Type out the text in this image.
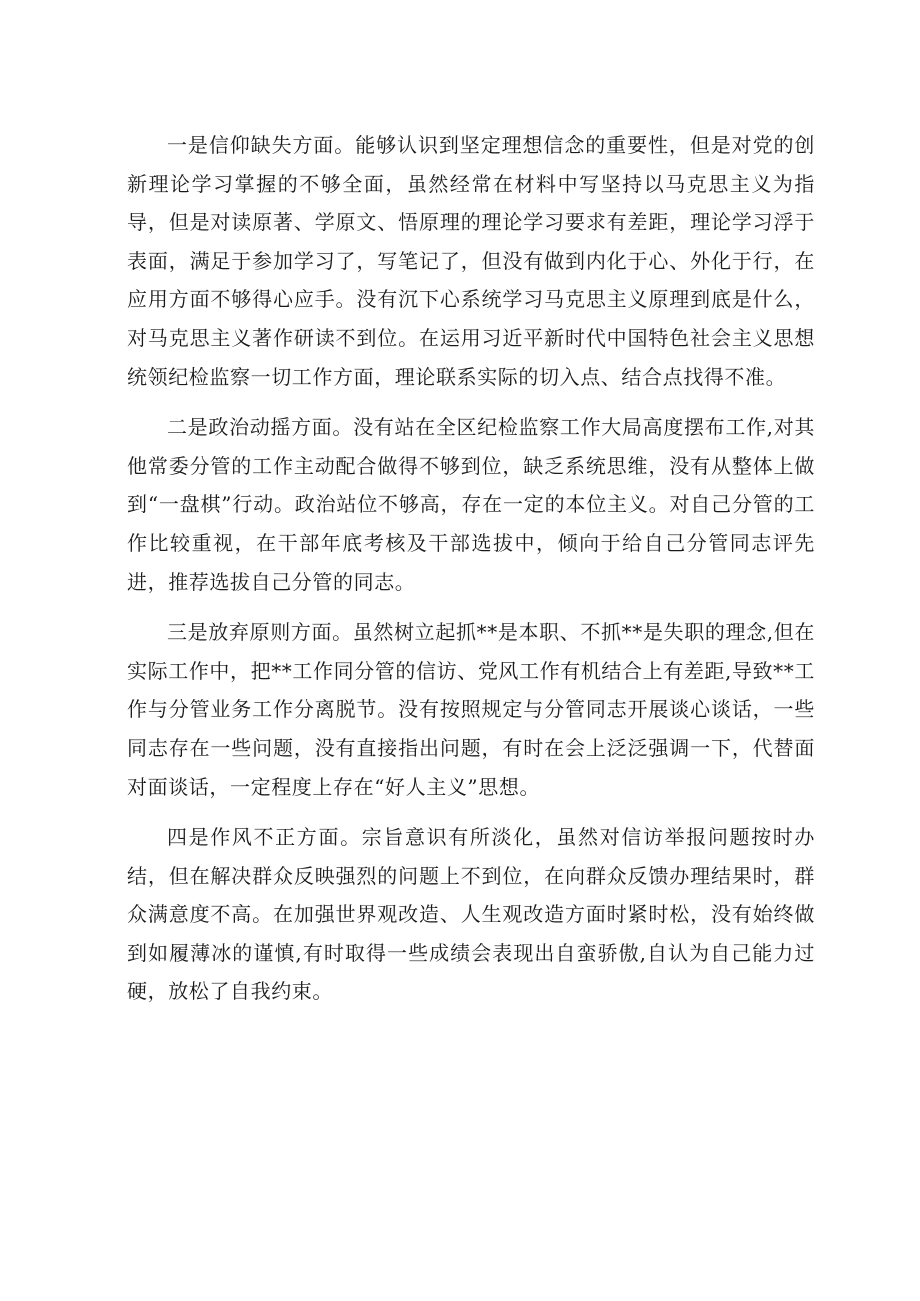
一是信仰缺失方面。能够认识到坚定理想信念的重要性，但是对党的创新理论学习掌握的不够全面，虽然经常在材料中写坚持以马克思主义为指导，但是对读原著、学原文、悟原理的理论学习要求有差距，理论学习浮于表面，满足于参加学习了，写笔记了，但没有做到内化于心、外化于行，在应用方面不够得心应手。没有沉下心系统学习马克思主义原理到底是什么，对马克思主义著作研读不到位。在运用习近平新时代中国特色社会主义思想统领纪检监察一切工作方面，理论联系实际的切入点、结合点找得不准。

二是政治动摇方面。没有站在全区纪检监察工作大局高度摆布工作,对其他常委分管的工作主动配合做得不够到位，缺乏系统思维，没有从整体上做到“一盘棋”行动。政治站位不够高，存在一定的本位主义。对自己分管的工作比较重视，在干部年底考核及干部选拔中，倾向于给自己分管同志评先进，推荐选拔自己分管的同志。

三是放弃原则方面。虽然树立起抓**是本职、不抓**是失职的理念,但在实际工作中，把**工作同分管的信访、党风工作有机结合上有差距,导致**工作与分管业务工作分离脱节。没有按照规定与分管同志开展谈心谈话，一些同志存在一些问题，没有直接指出问题，有时在会上泛泛强调一下，代替面对面谈话，一定程度上存在“好人主义”思想。

四是作风不正方面。宗旨意识有所淡化，虽然对信访举报问题按时办结，但在解决群众反映强烈的问题上不到位，在向群众反馈办理结果时，群众满意度不高。在加强世界观改造、人生观改造方面时紧时松，没有始终做到如履薄冰的谨慎,有时取得一些成绩会表现出自蛮骄傲,自认为自己能力过硬，放松了自我约束。
